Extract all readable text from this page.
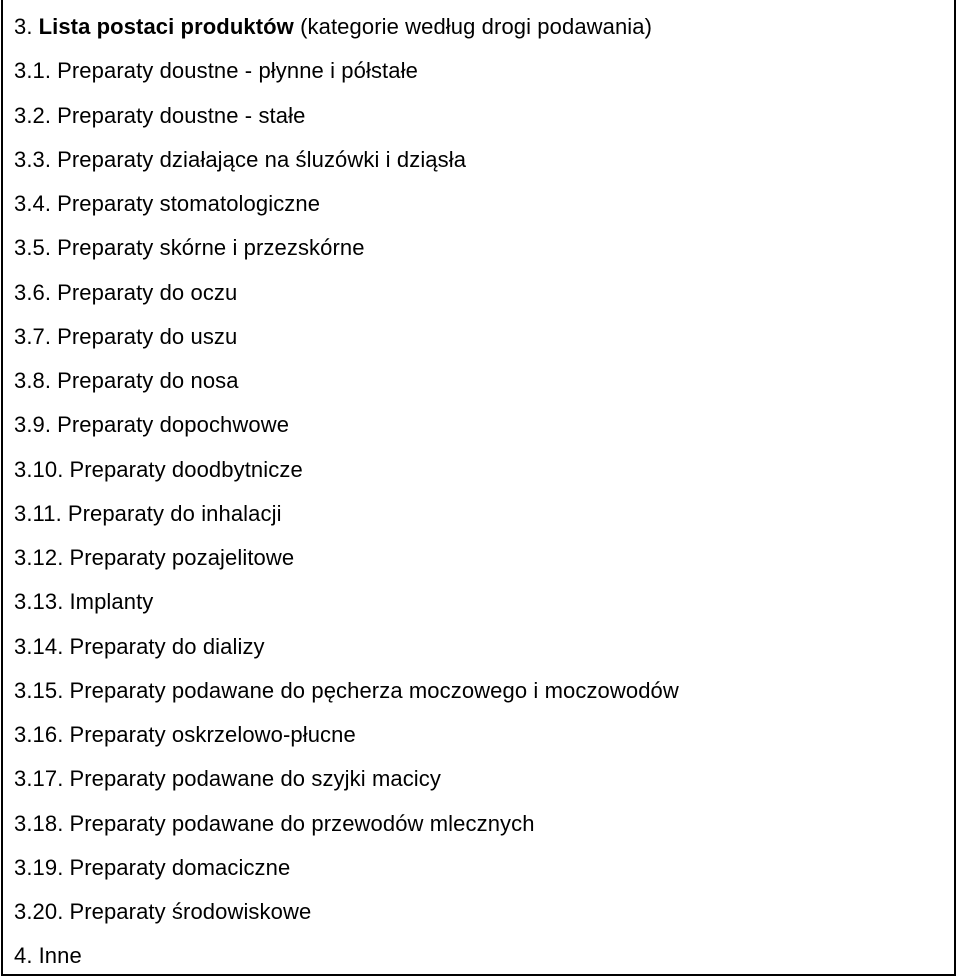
3. Lista postaci produktów (kategorie według drogi podawania)
3.1. Preparaty doustne - płynne i półstałe
3.2. Preparaty doustne - stałe
3.3. Preparaty działające na śluzówki i dziąsła
3.4. Preparaty stomatologiczne
3.5. Preparaty skórne i przezskórne
3.6. Preparaty do oczu
3.7. Preparaty do uszu
3.8. Preparaty do nosa
3.9. Preparaty dopochwowe
3.10. Preparaty doodbytnicze
3.11. Preparaty do inhalacji
3.12. Preparaty pozajelitowe
3.13. Implanty
3.14. Preparaty do dializy
3.15. Preparaty podawane do pęcherza moczowego i moczowodów
3.16. Preparaty oskrzelowo-płucne
3.17. Preparaty podawane do szyjki macicy
3.18. Preparaty podawane do przewodów mlecznych
3.19. Preparaty domaciczne
3.20. Preparaty środowiskowe
4. Inne
